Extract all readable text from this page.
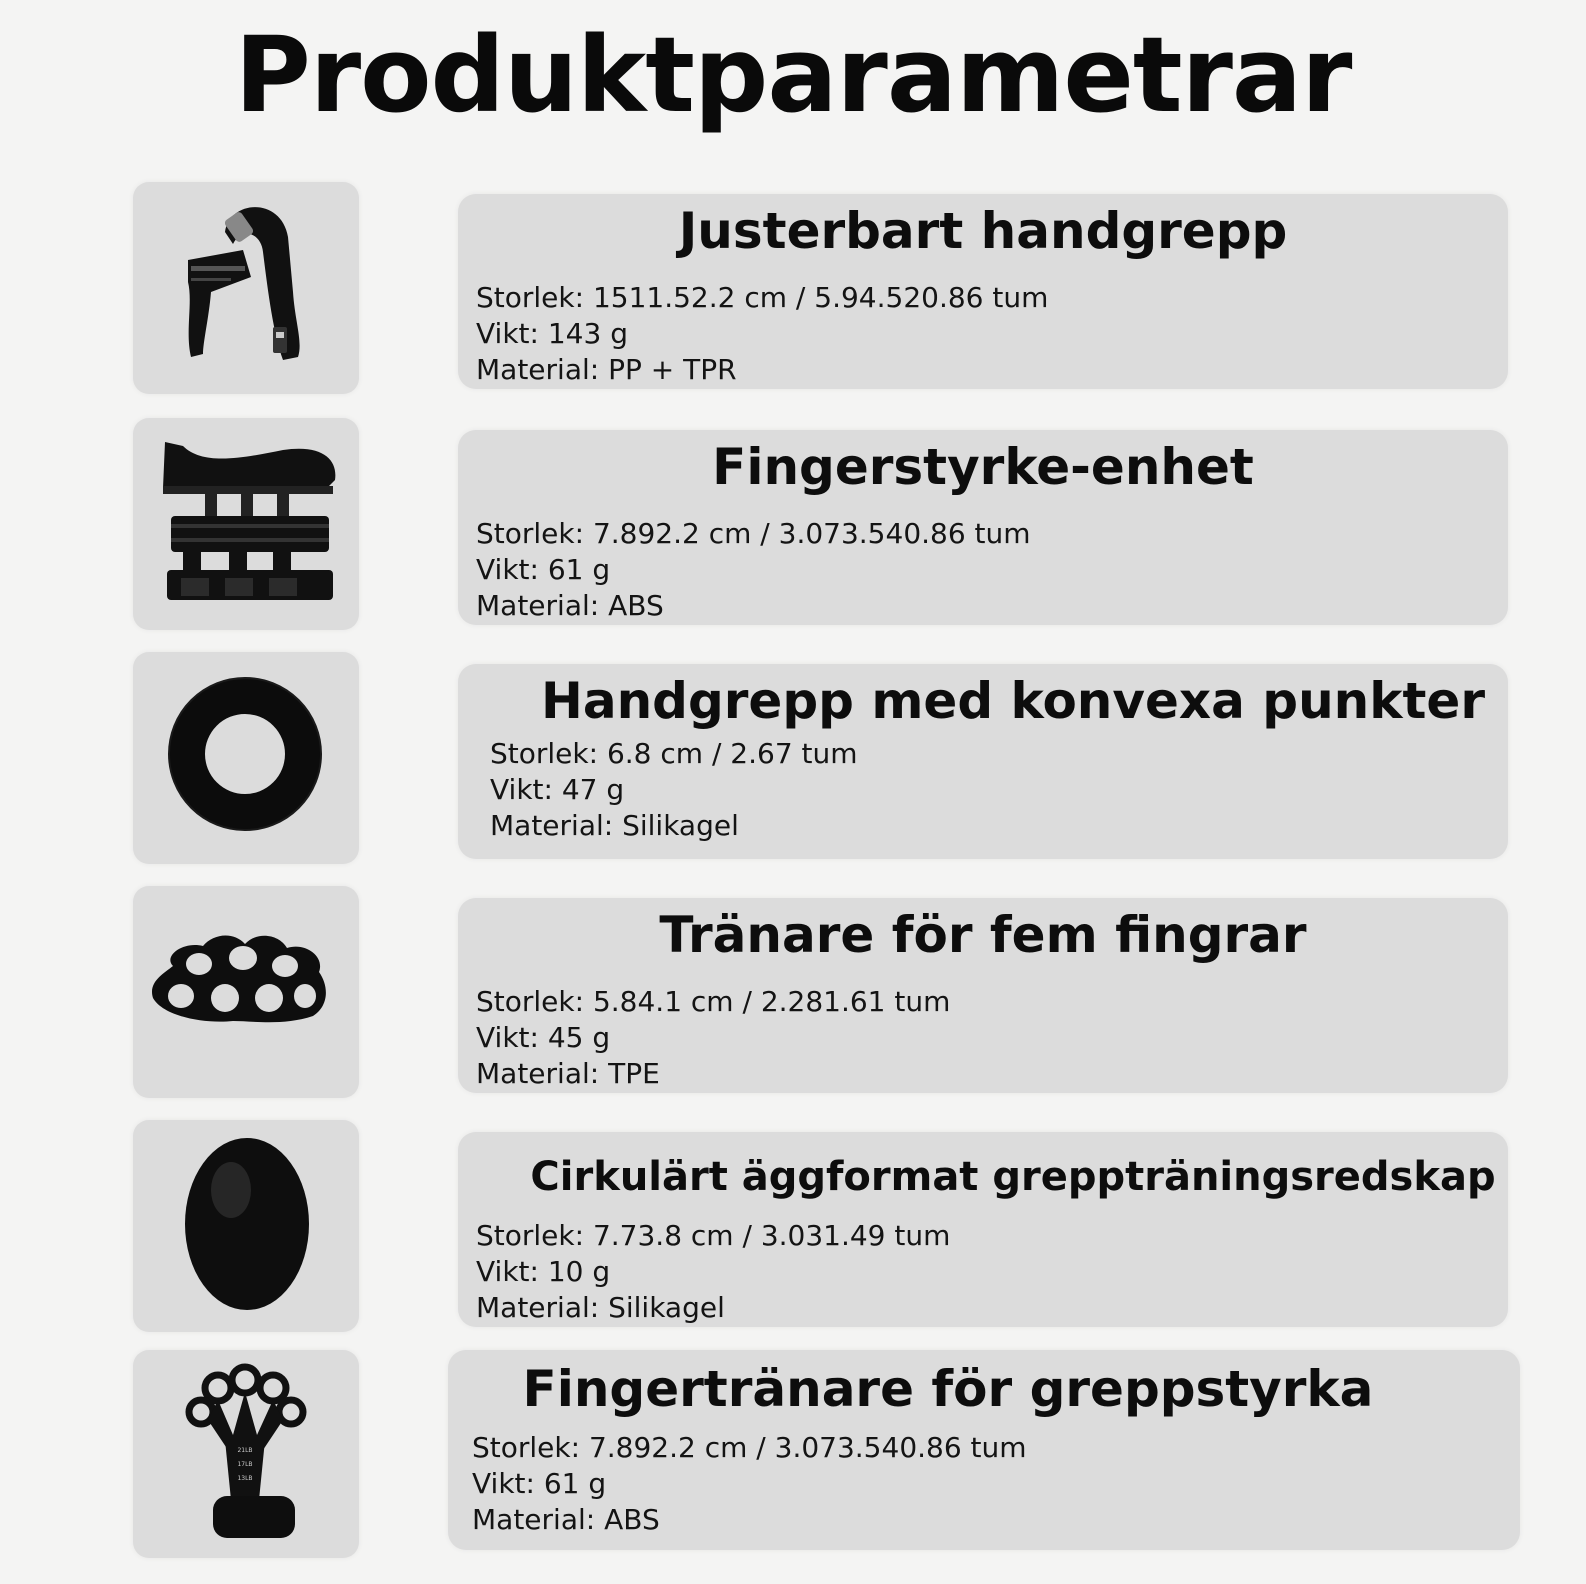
Produktparametrar
Justerbart handgrepp
Storlek: 1511.52.2 cm / 5.94.520.86 tum
Vikt: 143 g
Material: PP + TPR
Fingerstyrke-enhet
Storlek: 7.892.2 cm / 3.073.540.86 tum
Vikt: 61 g
Material: ABS
Handgrepp med konvexa punkter
Storlek: 6.8 cm / 2.67 tum
Vikt: 47 g
Material: Silikagel
Tränare för fem fingrar
Storlek: 5.84.1 cm / 2.281.61 tum
Vikt: 45 g
Material: TPE
Cirkulärt äggformat greppträningsredskap
Storlek: 7.73.8 cm / 3.031.49 tum
Vikt: 10 g
Material: Silikagel
21LB
17LB
13LB
Fingertränare för greppstyrka
Storlek: 7.892.2 cm / 3.073.540.86 tum
Vikt: 61 g
Material: ABS
